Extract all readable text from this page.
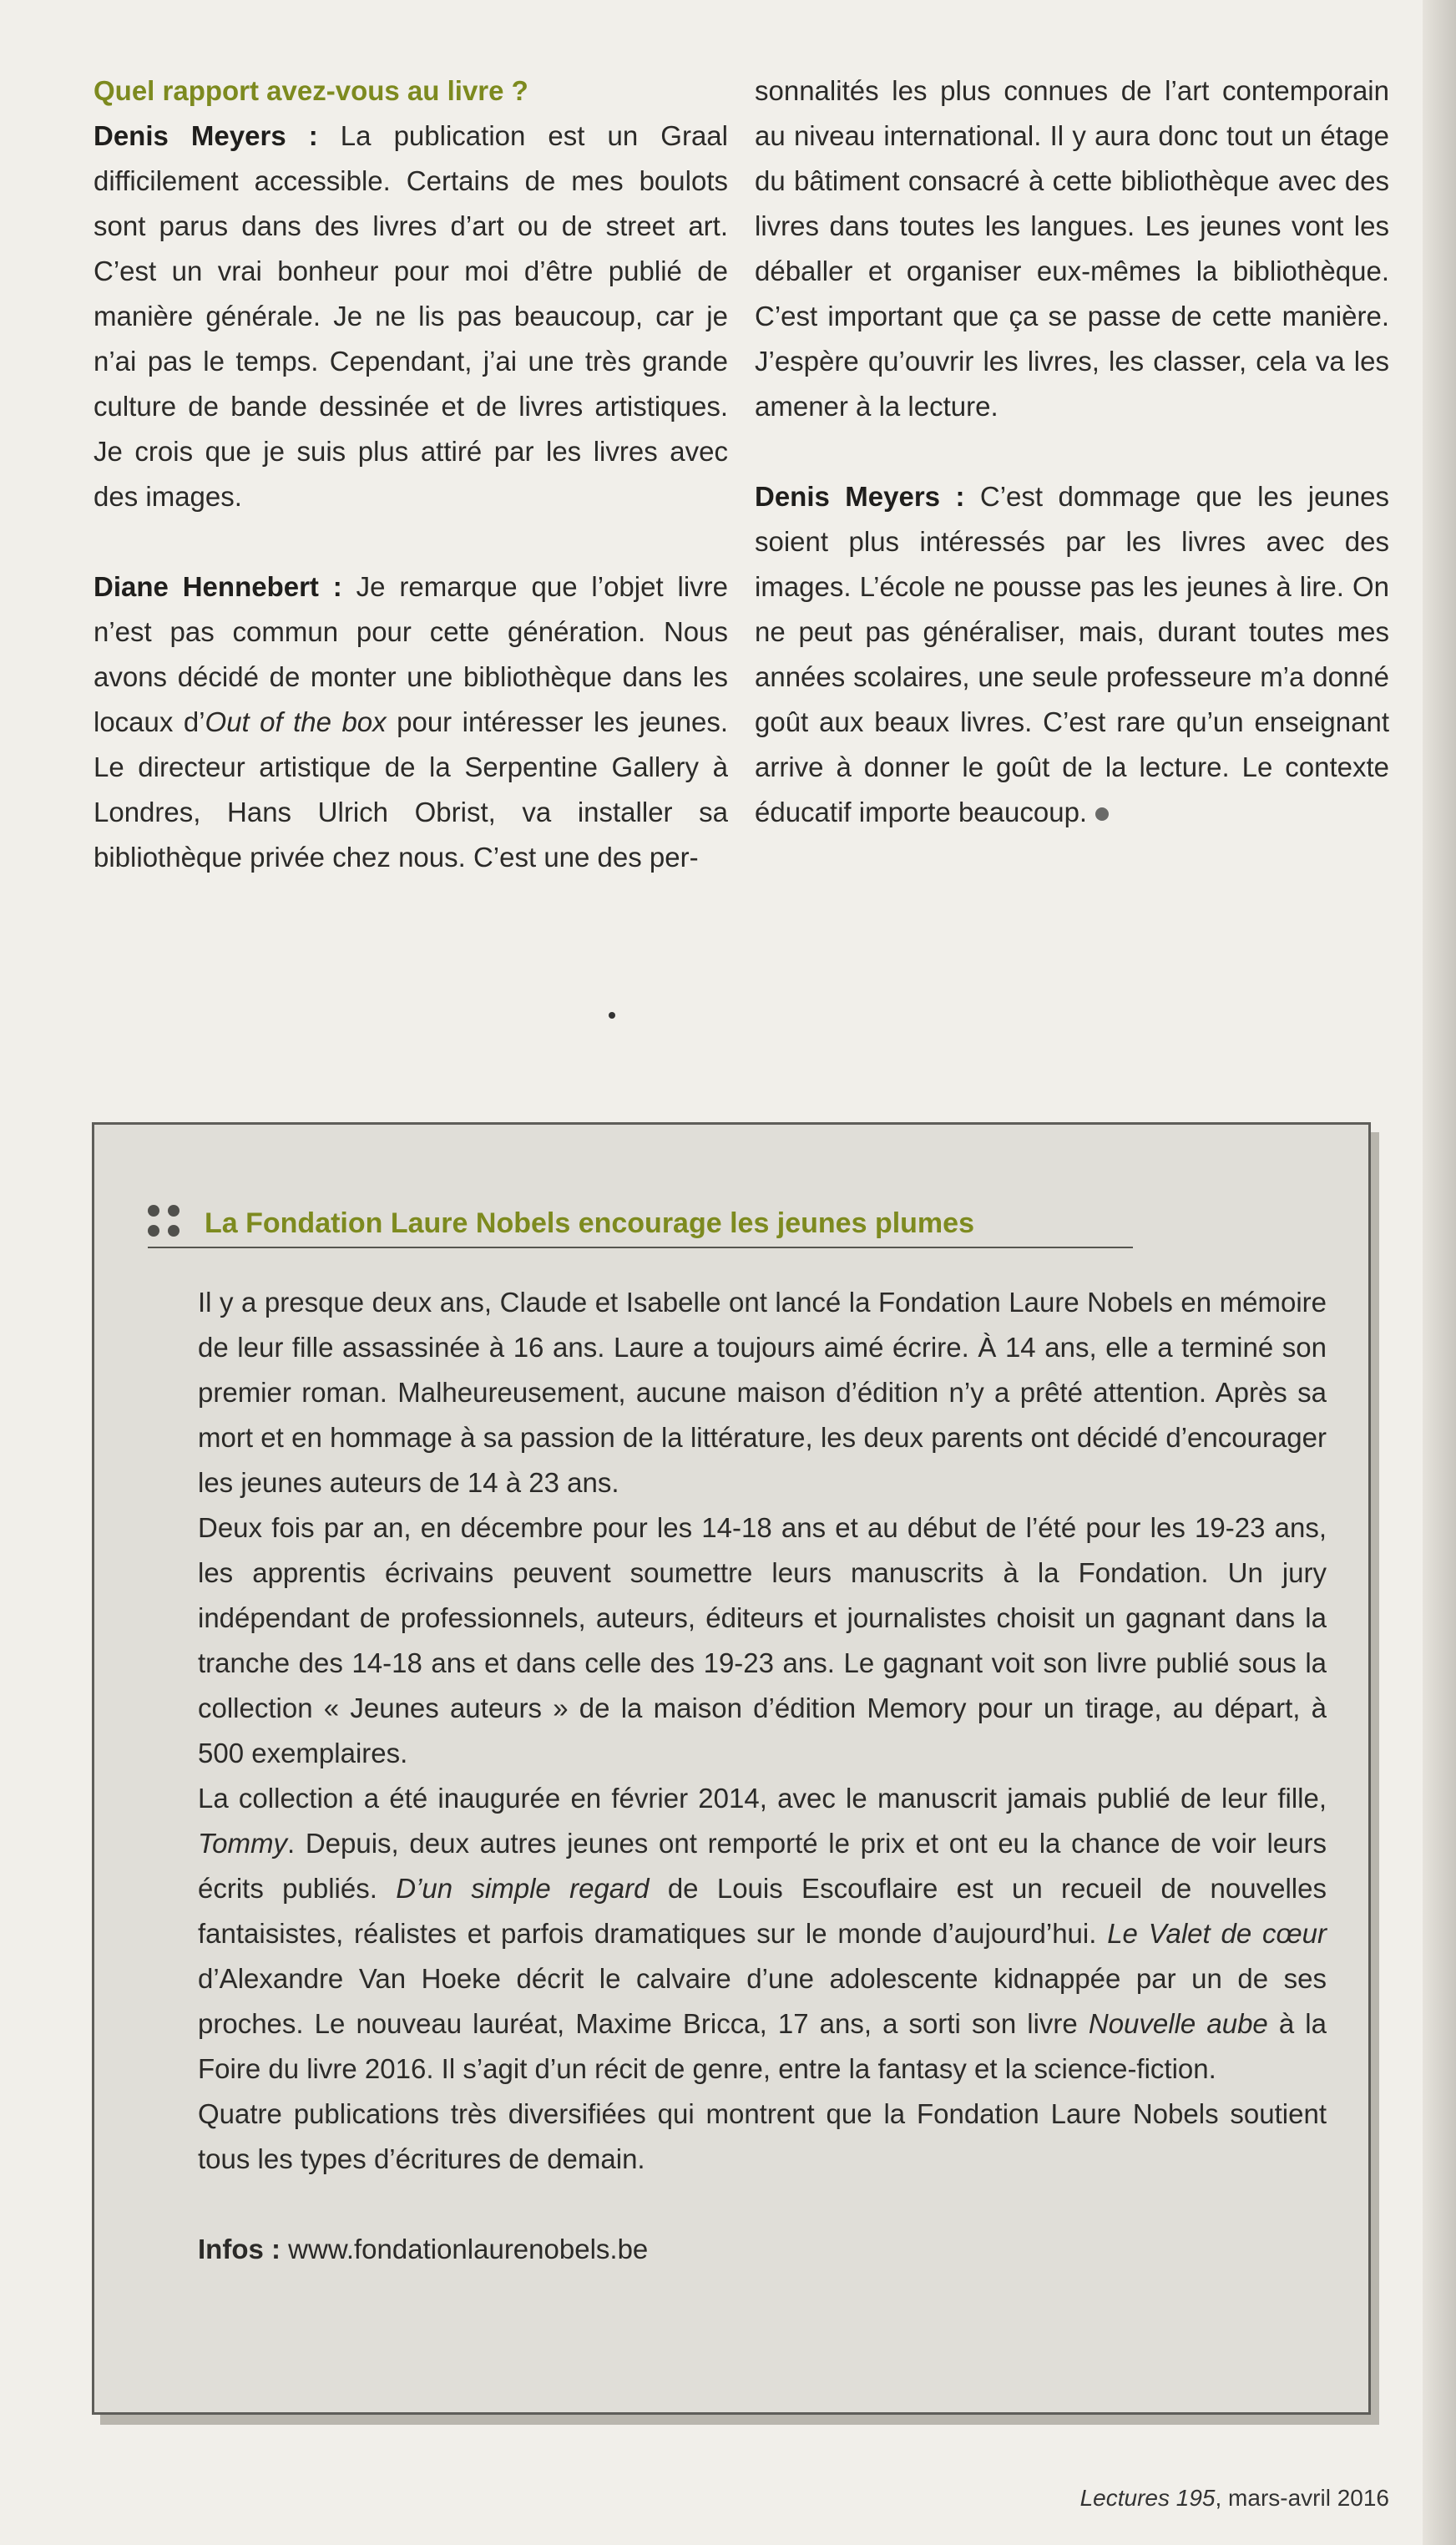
Quel rapport avez-vous au livre ?
Denis Meyers : La publication est un Graal difficilement accessible. Certains de mes boulots sont parus dans des livres d’art ou de street art. C’est un vrai bonheur pour moi d’être publié de manière générale. Je ne lis pas beaucoup, car je n’ai pas le temps. Cependant, j’ai une très grande culture de bande dessinée et de livres artistiques. Je crois que je suis plus attiré par les livres avec des images.

Diane Hennebert : Je remarque que l’objet livre n’est pas commun pour cette génération. Nous avons décidé de monter une bibliothèque dans les locaux d’Out of the box pour intéresser les jeunes. Le directeur artistique de la Serpentine Gallery à Londres, Hans Ulrich Obrist, va installer sa bibliothèque privée chez nous. C’est une des per-

sonnalités les plus connues de l’art contemporain au niveau international. Il y aura donc tout un étage du bâtiment consacré à cette bibliothèque avec des livres dans toutes les langues. Les jeunes vont les déballer et organiser eux-mêmes la bibliothèque. C’est important que ça se passe de cette manière. J’espère qu’ouvrir les livres, les classer, cela va les amener à la lecture.

Denis Meyers : C’est dommage que les jeunes soient plus intéressés par les livres avec des images. L’école ne pousse pas les jeunes à lire. On ne peut pas généraliser, mais, durant toutes mes années scolaires, une seule professeure m’a donné goût aux beaux livres. C’est rare qu’un enseignant arrive à donner le goût de la lecture. Le contexte éducatif importe beaucoup.

La Fondation Laure Nobels encourage les jeunes plumes

Il y a presque deux ans, Claude et Isabelle ont lancé la Fondation Laure Nobels en mémoire de leur fille assassinée à 16 ans. Laure a toujours aimé écrire. À 14 ans, elle a terminé son premier roman. Malheureusement, aucune maison d’édition n’y a prêté attention. Après sa mort et en hommage à sa passion de la littérature, les deux parents ont décidé d’encourager les jeunes auteurs de 14 à 23 ans.

Deux fois par an, en décembre pour les 14-18 ans et au début de l’été pour les 19-23 ans, les apprentis écrivains peuvent soumettre leurs manuscrits à la Fondation. Un jury indépendant de professionnels, auteurs, éditeurs et journalistes choisit un gagnant dans la tranche des 14-18 ans et dans celle des 19-23 ans. Le gagnant voit son livre publié sous la collection « Jeunes auteurs » de la maison d’édition Memory pour un tirage, au départ, à 500 exemplaires.

La collection a été inaugurée en février 2014, avec le manuscrit jamais publié de leur fille, Tommy. Depuis, deux autres jeunes ont remporté le prix et ont eu la chance de voir leurs écrits publiés. D’un simple regard de Louis Escouflaire est un recueil de nouvelles fantaisistes, réalistes et parfois dramatiques sur le monde d’aujourd’hui. Le Valet de cœur d’Alexandre Van Hoeke décrit le calvaire d’une adolescente kidnappée par un de ses proches. Le nouveau lauréat, Maxime Bricca, 17 ans, a sorti son livre Nouvelle aube à la Foire du livre 2016. Il s’agit d’un récit de genre, entre la fantasy et la science-fiction.

Quatre publications très diversifiées qui montrent que la Fondation Laure Nobels soutient tous les types d’écritures de demain.

Infos : www.fondationlaurenobels.be

Lectures 195, mars-avril 2016
